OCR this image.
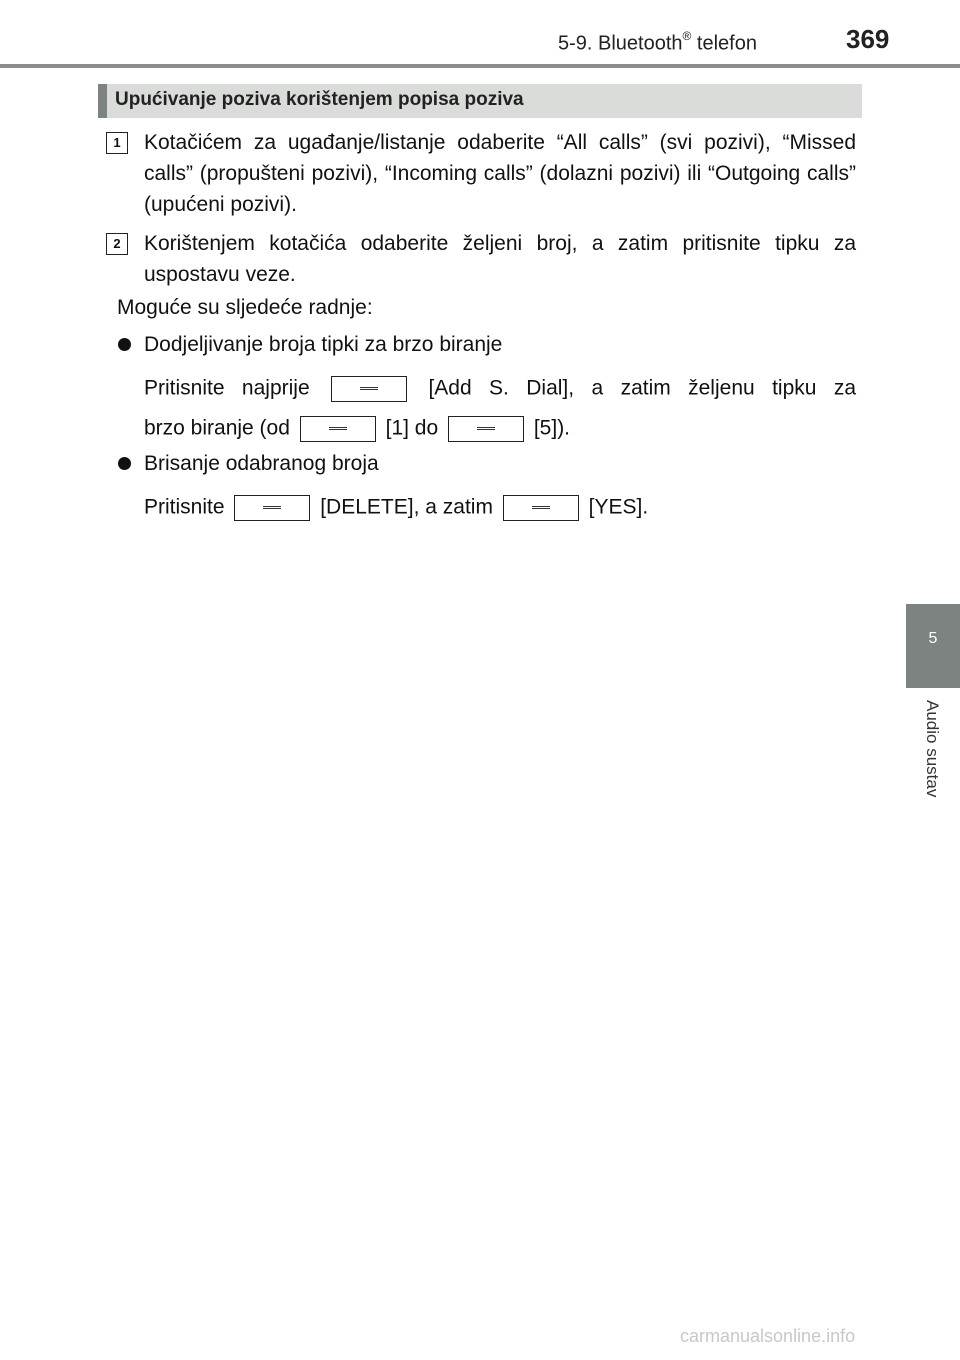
5-9. Bluetooth® telefon	369
Upućivanje poziva korištenjem popisa poziva
1	Kotačićem za ugađanje/listanje odaberite “All calls” (svi pozivi), “Missed calls” (propušteni pozivi), “Incoming calls” (dolazni pozivi) ili “Outgoing calls” (upućeni pozivi).
2	Korištenjem kotačića odaberite željeni broj, a zatim pritisnite tipku za uspostavu veze.
Moguće su sljedeće radnje:
Dodjeljivanje broja tipki za brzo biranje
Pritisnite najprije	[Add S. Dial], a zatim željenu tipku za
brzo biranje (od	[1] do	[5]).
Brisanje odabranog broja
Pritisnite	[DELETE], a zatim	[YES].
5
Audio sustav
carmanualsonline.info
